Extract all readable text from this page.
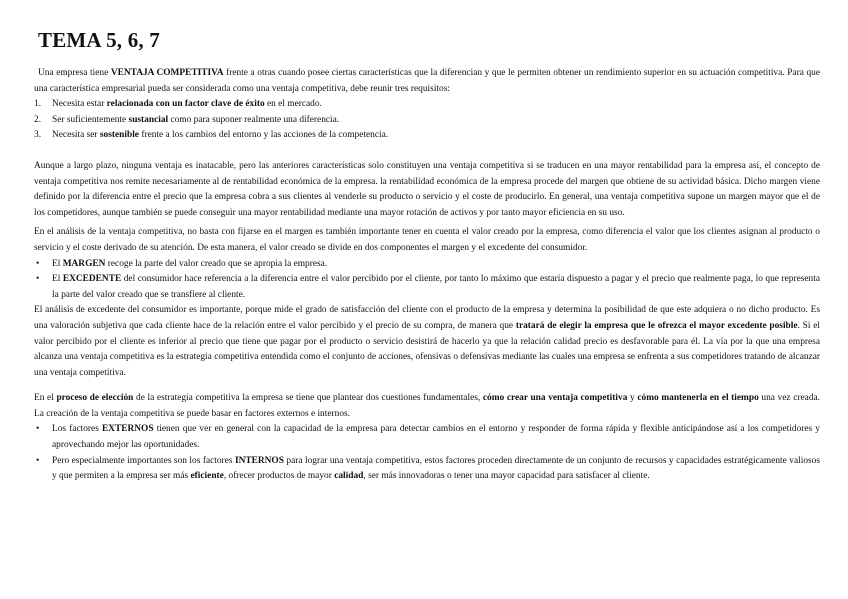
TEMA 5, 6, 7

Una empresa tiene VENTAJA COMPETITIVA frente a otras cuando posee ciertas características que la diferencian y que le permiten obtener un rendimiento superior en su actuación competitiva. Para que una característica empresarial pueda ser considerada como una ventaja competitiva, debe reunir tres requisitos:

1. Necesita estar relacionada con un factor clave de éxito en el mercado.
2. Ser suficientemente sustancial como para suponer realmente una diferencia.
3. Necesita ser sostenible frente a los cambios del entorno y las acciones de la competencia.

Aunque a largo plazo, ninguna ventaja es inatacable, pero las anteriores características solo constituyen una ventaja competitiva si se traducen en una mayor rentabilidad para la empresa así, el concepto de ventaja competitiva nos remite necesariamente al de rentabilidad económica de la empresa. la rentabilidad económica de la empresa procede del margen que obtiene de su actividad básica. Dicho margen viene definido por la diferencia entre el precio que la empresa cobra a sus clientes al venderle su producto o servicio y el coste de producirlo. En general, una ventaja competitiva supone un margen mayor que el de los competidores, aunque también se puede conseguir una mayor rentabilidad mediante una mayor rotación de activos y por tanto mayor eficiencia en su uso.

En el análisis de la ventaja competitiva, no basta con fijarse en el margen es también importante tener en cuenta el valor creado por la empresa, como diferencia el valor que los clientes asignan al producto o servicio y el coste derivado de su atención. De esta manera, el valor creado se divide en dos componentes el margen y el excedente del consumidor.

• El MARGEN recoge la parte del valor creado que se apropia la empresa.
• El EXCEDENTE del consumidor hace referencia a la diferencia entre el valor percibido por el cliente, por tanto lo máximo que estaría dispuesto a pagar y el precio que realmente paga, lo que representa la parte del valor creado que se transfiere al cliente.

El análisis de excedente del consumidor es importante, porque mide el grado de satisfacción del cliente con el producto de la empresa y determina la posibilidad de que este adquiera o no dicho producto. Es una valoración subjetiva que cada cliente hace de la relación entre el valor percibido y el precio de su compra, de manera que tratará de elegir la empresa que le ofrezca el mayor excedente posible. Si el valor percibido por el cliente es inferior al precio que tiene que pagar por el producto o servicio desistirá de hacerlo ya que la relación calidad precio es desfavorable para él. La vía por la que una empresa alcanza una ventaja competitiva es la estrategia competitiva entendida como el conjunto de acciones, ofensivas o defensivas mediante las cuales una empresa se enfrenta a sus competidores tratando de alcanzar una ventaja competitiva.

En el proceso de elección de la estrategia competitiva la empresa se tiene que plantear dos cuestiones fundamentales, cómo crear una ventaja competitiva y cómo mantenerla en el tiempo una vez creada. La creación de la ventaja competitiva se puede basar en factores externos e internos.

• Los factores EXTERNOS tienen que ver en general con la capacidad de la empresa para detectar cambios en el entorno y responder de forma rápida y flexible anticipándose así a los competidores y aprovechando mejor las oportunidades.
• Pero especialmente importantes son los factores INTERNOS para lograr una ventaja competitiva, estos factores proceden directamente de un conjunto de recursos y capacidades estratégicamente valiosos y que permiten a la empresa ser más eficiente, ofrecer productos de mayor calidad, ser más innovadoras o tener una mayor capacidad para satisfacer al cliente.
